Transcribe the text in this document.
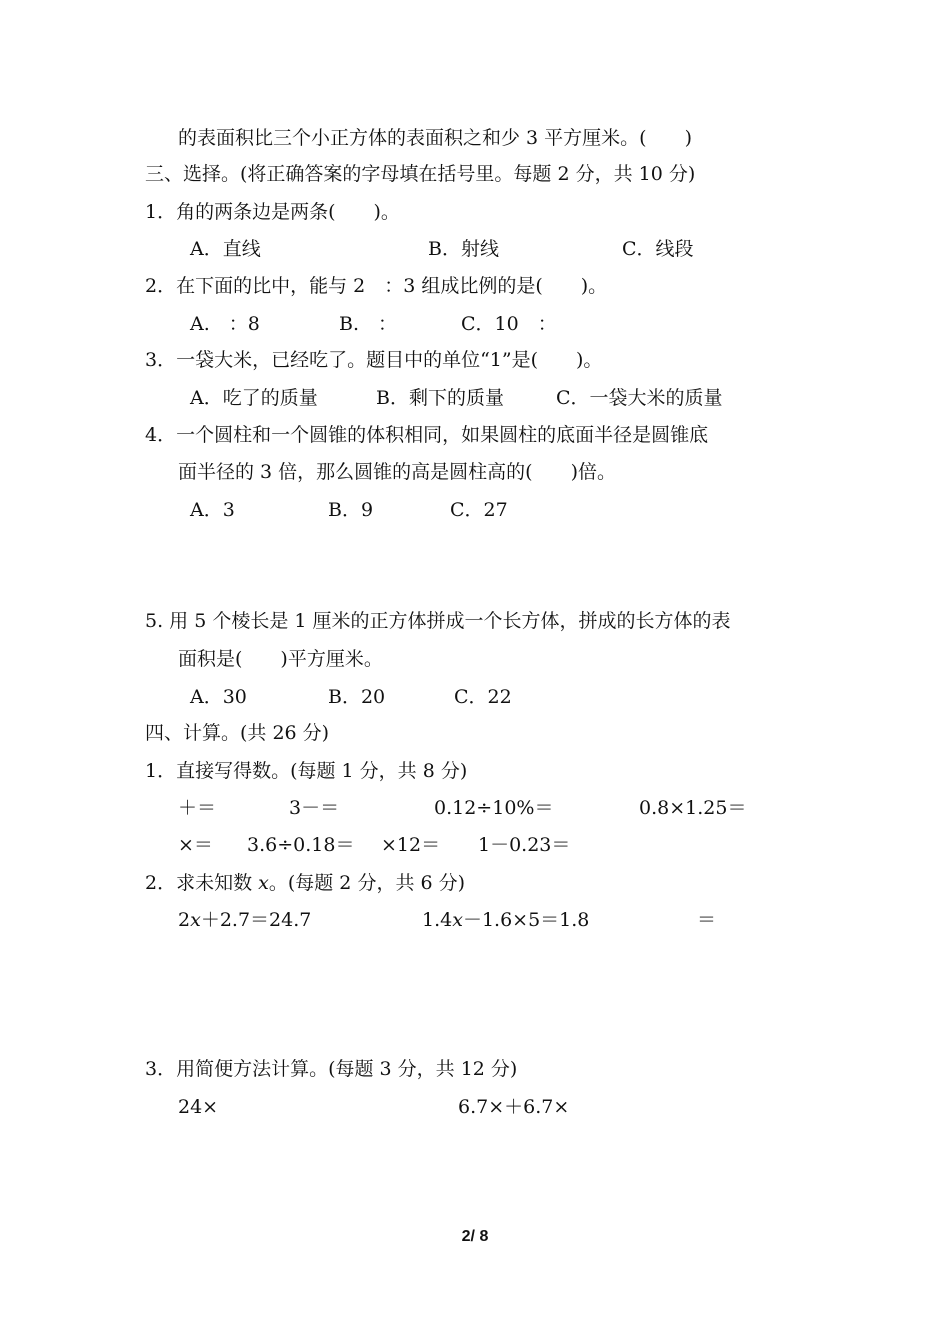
的表面积比三个小正方体的表面积之和少 3 平方厘米。(　　)
三、选择。(将正确答案的字母填在括号里。每题 2 分，共 10 分)
1．角的两条边是两条(　　)。
A．直线	B．射线	C．线段
2．在下面的比中，能与 2　：3 组成比例的是(　　)。
A.　：8	B.　：	C．10　：
3．一袋大米，已经吃了。题目中的单位“1”是(　　)。
A．吃了的质量	B．剩下的质量	C．一袋大米的质量
4．一个圆柱和一个圆锥的体积相同，如果圆柱的底面半径是圆锥底
面半径的 3 倍，那么圆锥的高是圆柱高的(　　)倍。
A．3	B．9	C．27
5. 用 5 个棱长是 1 厘米的正方体拼成一个长方体，拼成的长方体的表
面积是(　　)平方厘米。
A．30	B．20	C．22
四、计算。(共 26 分)
1．直接写得数。(每题 1 分，共 8 分)
＋＝	3－＝	0.12÷10%＝	0.8×1.25＝
×＝ 3.6÷0.18＝ ×12＝ 1－0.23＝
2．求未知数 x。(每题 2 分，共 6 分)
2x＋2.7＝24.7	1.4x－1.6×5＝1.8	＝
3．用简便方法计算。(每题 3 分，共 12 分)
24×	6.7×＋6.7×
2/ 8
